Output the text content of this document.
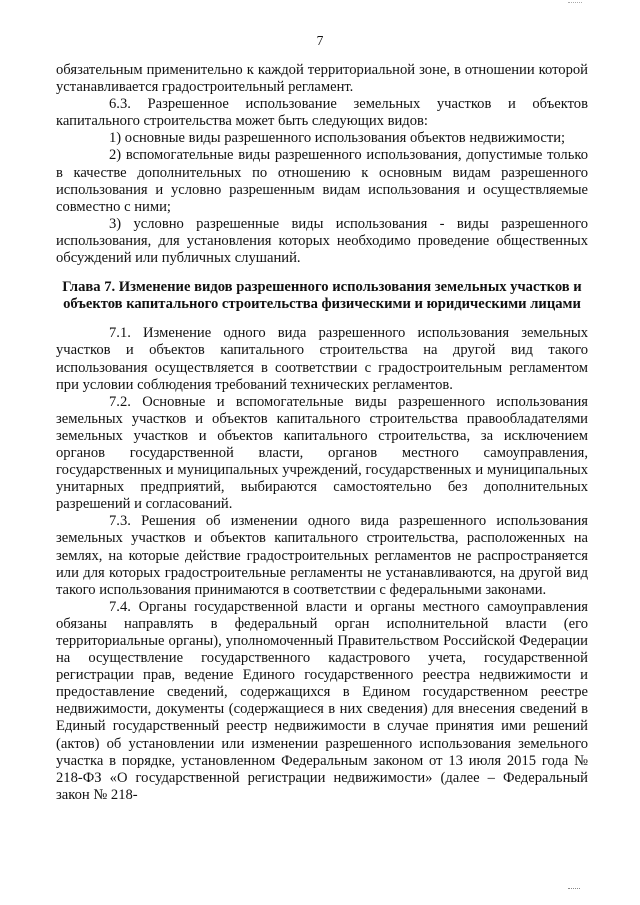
7

обязательным применительно к каждой территориальной зоне, в отношении которой устанавливается градостроительный регламент.

6.3. Разрешенное использование земельных участков и объектов капитального строительства может быть следующих видов:

1) основные виды разрешенного использования объектов недвижимости;

2) вспомогательные виды разрешенного использования, допустимые только в качестве дополнительных по отношению к основным видам разрешенного использования и условно разрешенным видам использования и осуществляемые совместно с ними;

3) условно разрешенные виды использования - виды разрешенного использования, для установления которых необходимо проведение общественных обсуждений или публичных слушаний.

Глава 7. Изменение видов разрешенного использования земельных участков и объектов капитального строительства физическими и юридическими лицами

7.1. Изменение одного вида разрешенного использования земельных участков и объектов капитального строительства на другой вид такого использования осуществляется в соответствии с градостроительным регламентом при условии соблюдения требований технических регламентов.

7.2. Основные и вспомогательные виды разрешенного использования земельных участков и объектов капитального строительства правообладателями земельных участков и объектов капитального строительства, за исключением органов государственной власти, органов местного самоуправления, государственных и муниципальных учреждений, государственных и муниципальных унитарных предприятий, выбираются самостоятельно без дополнительных разрешений и согласований.

7.3. Решения об изменении одного вида разрешенного использования земельных участков и объектов капитального строительства, расположенных на землях, на которые действие градостроительных регламентов не распространяется или для которых градостроительные регламенты не устанавливаются, на другой вид такого использования принимаются в соответствии с федеральными законами.

7.4. Органы государственной власти и органы местного самоуправления обязаны направлять в федеральный орган исполнительной власти (его территориальные органы), уполномоченный Правительством Российской Федерации на осуществление государственного кадастрового учета, государственной регистрации прав, ведение Единого государственного реестра недвижимости и предоставление сведений, содержащихся в Едином государственном реестре недвижимости, документы (содержащиеся в них сведения) для внесения сведений в Единый государственный реестр недвижимости в случае принятия ими решений (актов) об установлении или изменении разрешенного использования земельного участка в порядке, установленном Федеральным законом от 13 июля 2015 года № 218-ФЗ «О государственной регистрации недвижимости» (далее – Федеральный закон № 218-
